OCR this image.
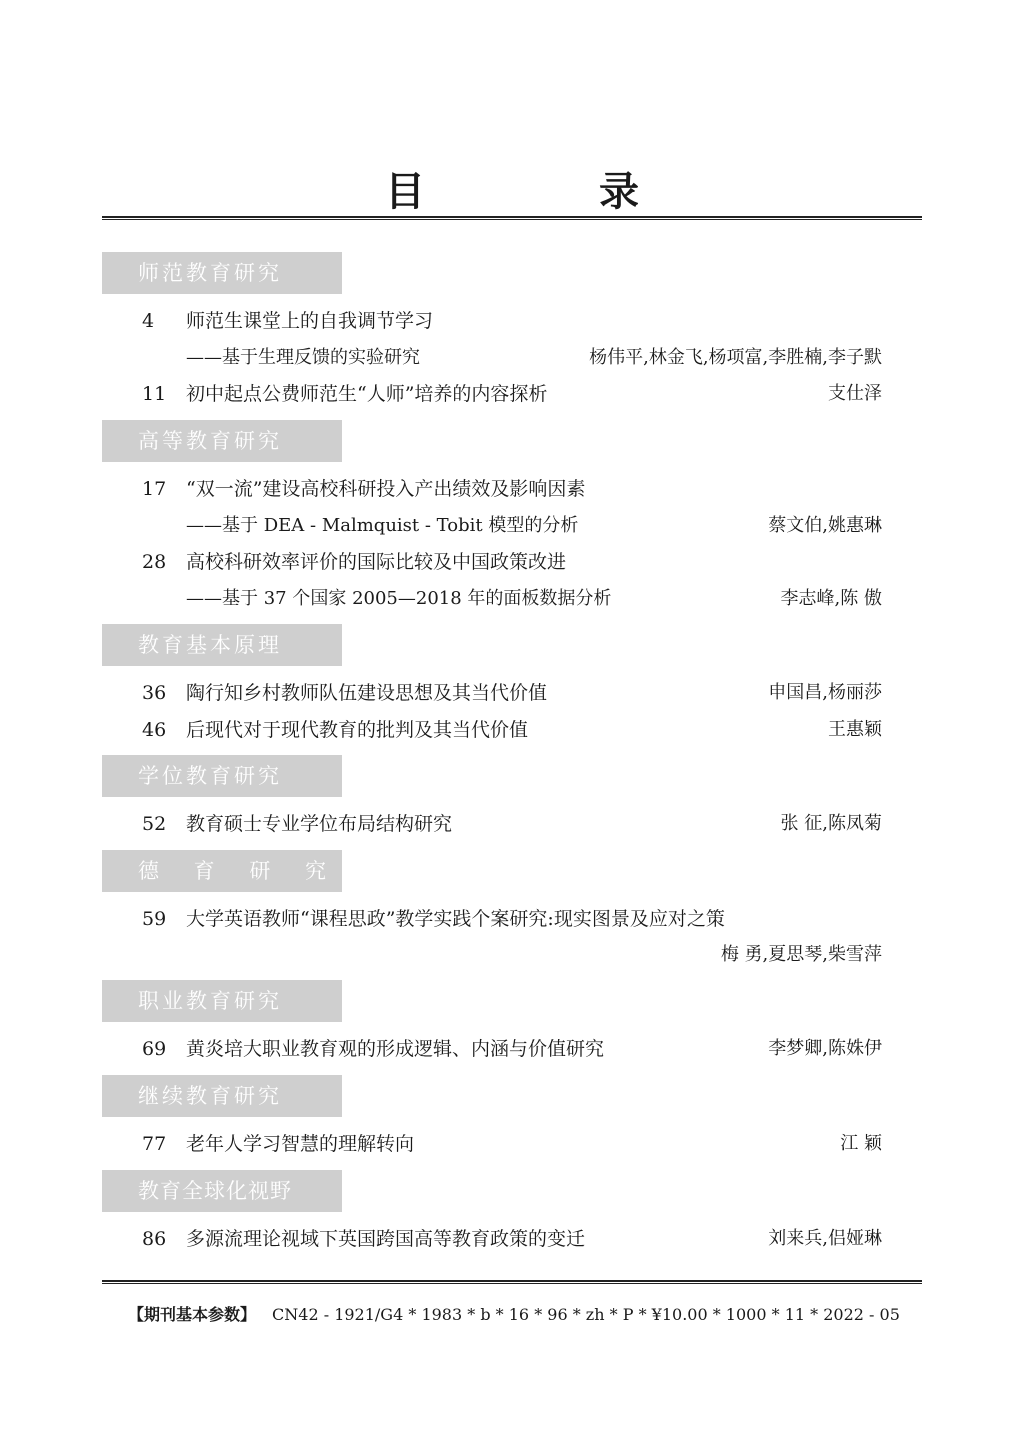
目 录
师范教育研究
4	师范生课堂上的自我调节学习
——基于生理反馈的实验研究	杨伟平,林金飞,杨项富,李胜楠,李子默
11	初中起点公费师范生“人师”培养的内容探析	支仕泽
高等教育研究
17	“双一流”建设高校科研投入产出绩效及影响因素
——基于 DEA - Malmquist - Tobit 模型的分析	蔡文伯,姚惠琳
28	高校科研效率评价的国际比较及中国政策改进
——基于 37 个国家 2005—2018 年的面板数据分析	李志峰,陈 傲
教育基本原理
36	陶行知乡村教师队伍建设思想及其当代价值	申国昌,杨丽莎
46	后现代对于现代教育的批判及其当代价值	王惠颖
学位教育研究
52	教育硕士专业学位布局结构研究	张 征,陈凤菊
德 育 研 究
59	大学英语教师“课程思政”教学实践个案研究:现实图景及应对之策
梅 勇,夏思琴,柴雪萍
职业教育研究
69	黄炎培大职业教育观的形成逻辑、内涵与价值研究	李梦卿,陈姝伊
继续教育研究
77	老年人学习智慧的理解转向	江 颖
教育全球化视野
86	多源流理论视域下英国跨国高等教育政策的变迁	刘来兵,侣娅琳
【期刊基本参数】 CN42 - 1921/G4 * 1983 * b * 16 * 96 * zh * P * ¥10.00 * 1000 * 11 * 2022 - 05
